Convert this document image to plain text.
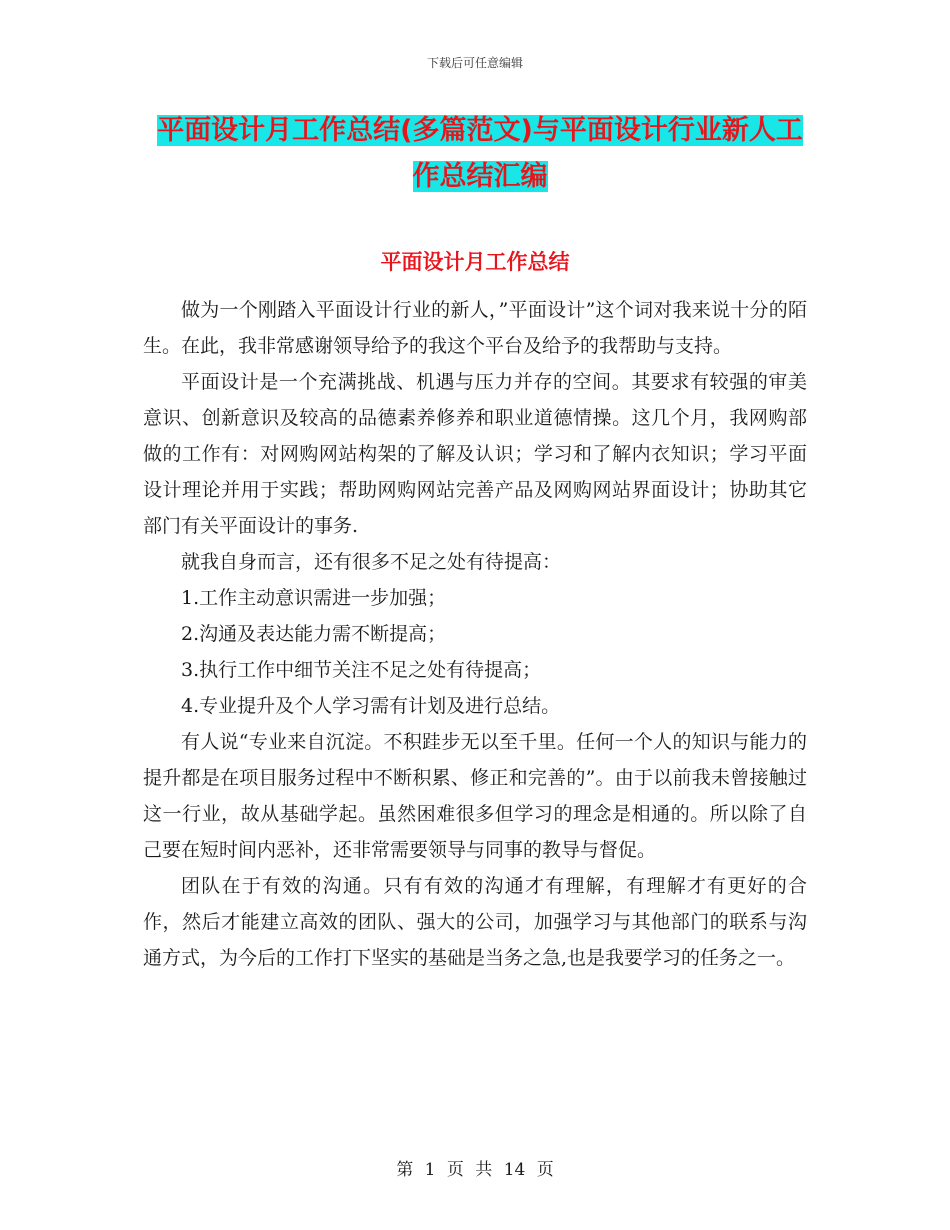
下载后可任意编辑
平面设计月工作总结(多篇范文)与平面设计行业新人工作总结汇编
平面设计月工作总结

做为一个刚踏入平面设计行业的新人，”平面设计”这个词对我来说十分的陌生。在此，我非常感谢领导给予的我这个平台及给予的我帮助与支持。

平面设计是一个充满挑战、机遇与压力并存的空间。其要求有较强的审美意识、创新意识及较高的品德素养修养和职业道德情操。这几个月，我网购部做的工作有：对网购网站构架的了解及认识；学习和了解内衣知识；学习平面设计理论并用于实践；帮助网购网站完善产品及网购网站界面设计；协助其它部门有关平面设计的事务.

就我自身而言，还有很多不足之处有待提高：

1.工作主动意识需进一步加强；

2.沟通及表达能力需不断提高；

3.执行工作中细节关注不足之处有待提高；

4.专业提升及个人学习需有计划及进行总结。

有人说“专业来自沉淀。不积跬步无以至千里。任何一个人的知识与能力的提升都是在项目服务过程中不断积累、修正和完善的”。由于以前我未曾接触过这一行业，故从基础学起。虽然困难很多但学习的理念是相通的。所以除了自己要在短时间内恶补，还非常需要领导与同事的教导与督促。

团队在于有效的沟通。只有有效的沟通才有理解，有理解才有更好的合作，然后才能建立高效的团队、强大的公司，加强学习与其他部门的联系与沟通方式，为今后的工作打下坚实的基础是当务之急,也是我要学习的任务之一。

第 1 页 共 14 页
